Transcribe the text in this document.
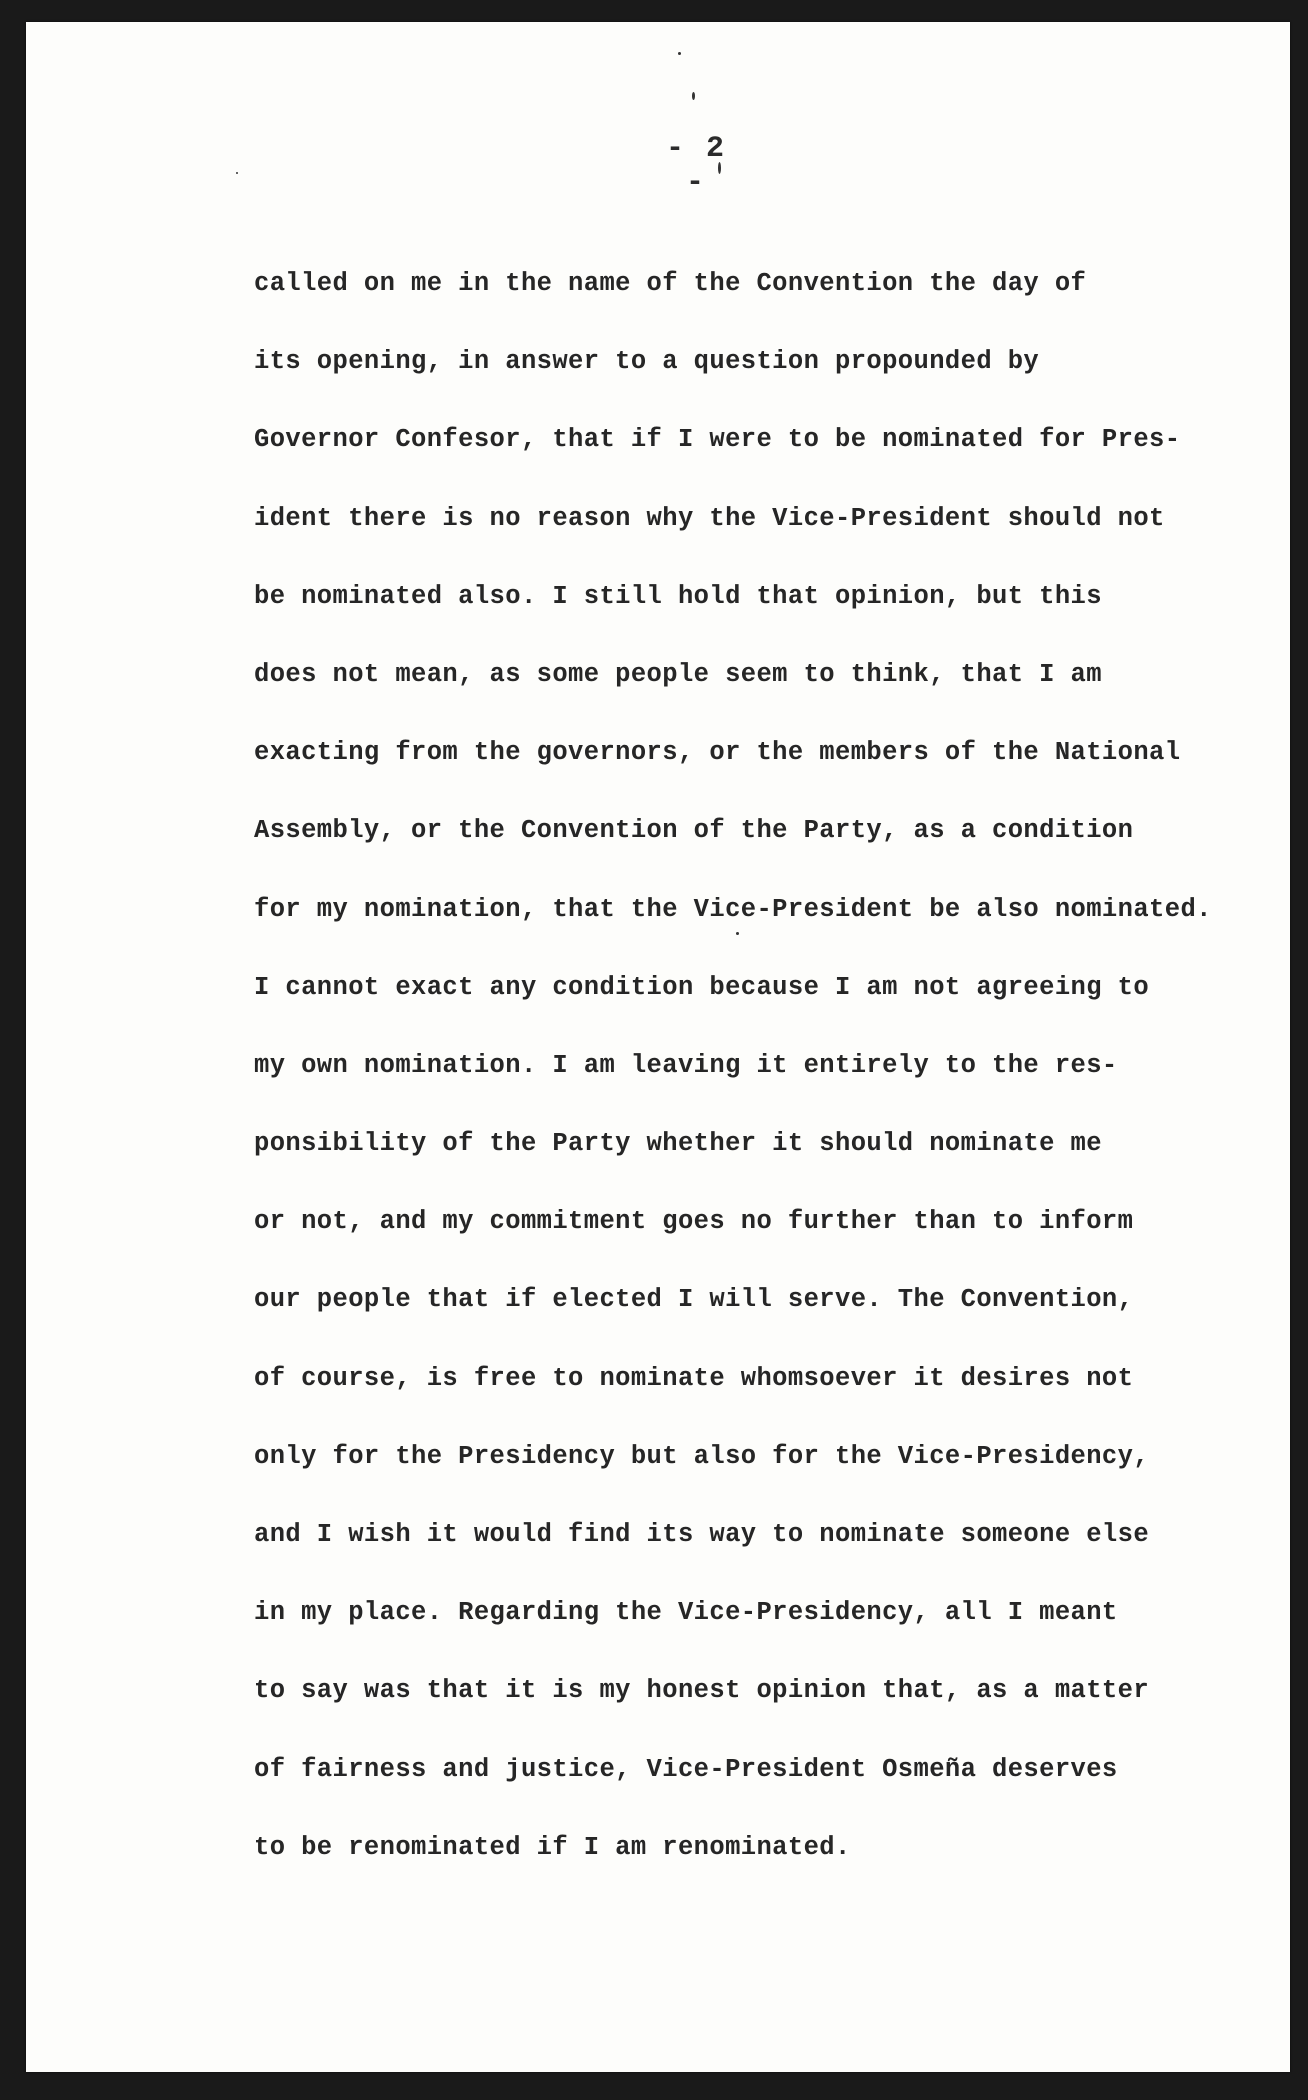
- 2 -
called on me in the name of the Convention the day of
its opening, in answer to a question propounded by
Governor Confesor, that if I were to be nominated for Pres-
ident there is no reason why the Vice-President should not
be nominated also. I still hold that opinion, but this
does not mean, as some people seem to think, that I am
exacting from the governors, or the members of the National
Assembly, or the Convention of the Party, as a condition
for my nomination, that the Vice-President be also nominated.
I cannot exact any condition because I am not agreeing to
my own nomination. I am leaving it entirely to the res-
ponsibility of the Party whether it should nominate me
or not, and my commitment goes no further than to inform
our people that if elected I will serve. The Convention,
of course, is free to nominate whomsoever it desires not
only for the Presidency but also for the Vice-Presidency,
and I wish it would find its way to nominate someone else
in my place. Regarding the Vice-Presidency, all I meant
to say was that it is my honest opinion that, as a matter
of fairness and justice, Vice-President Osmeña deserves
to be renominated if I am renominated.
